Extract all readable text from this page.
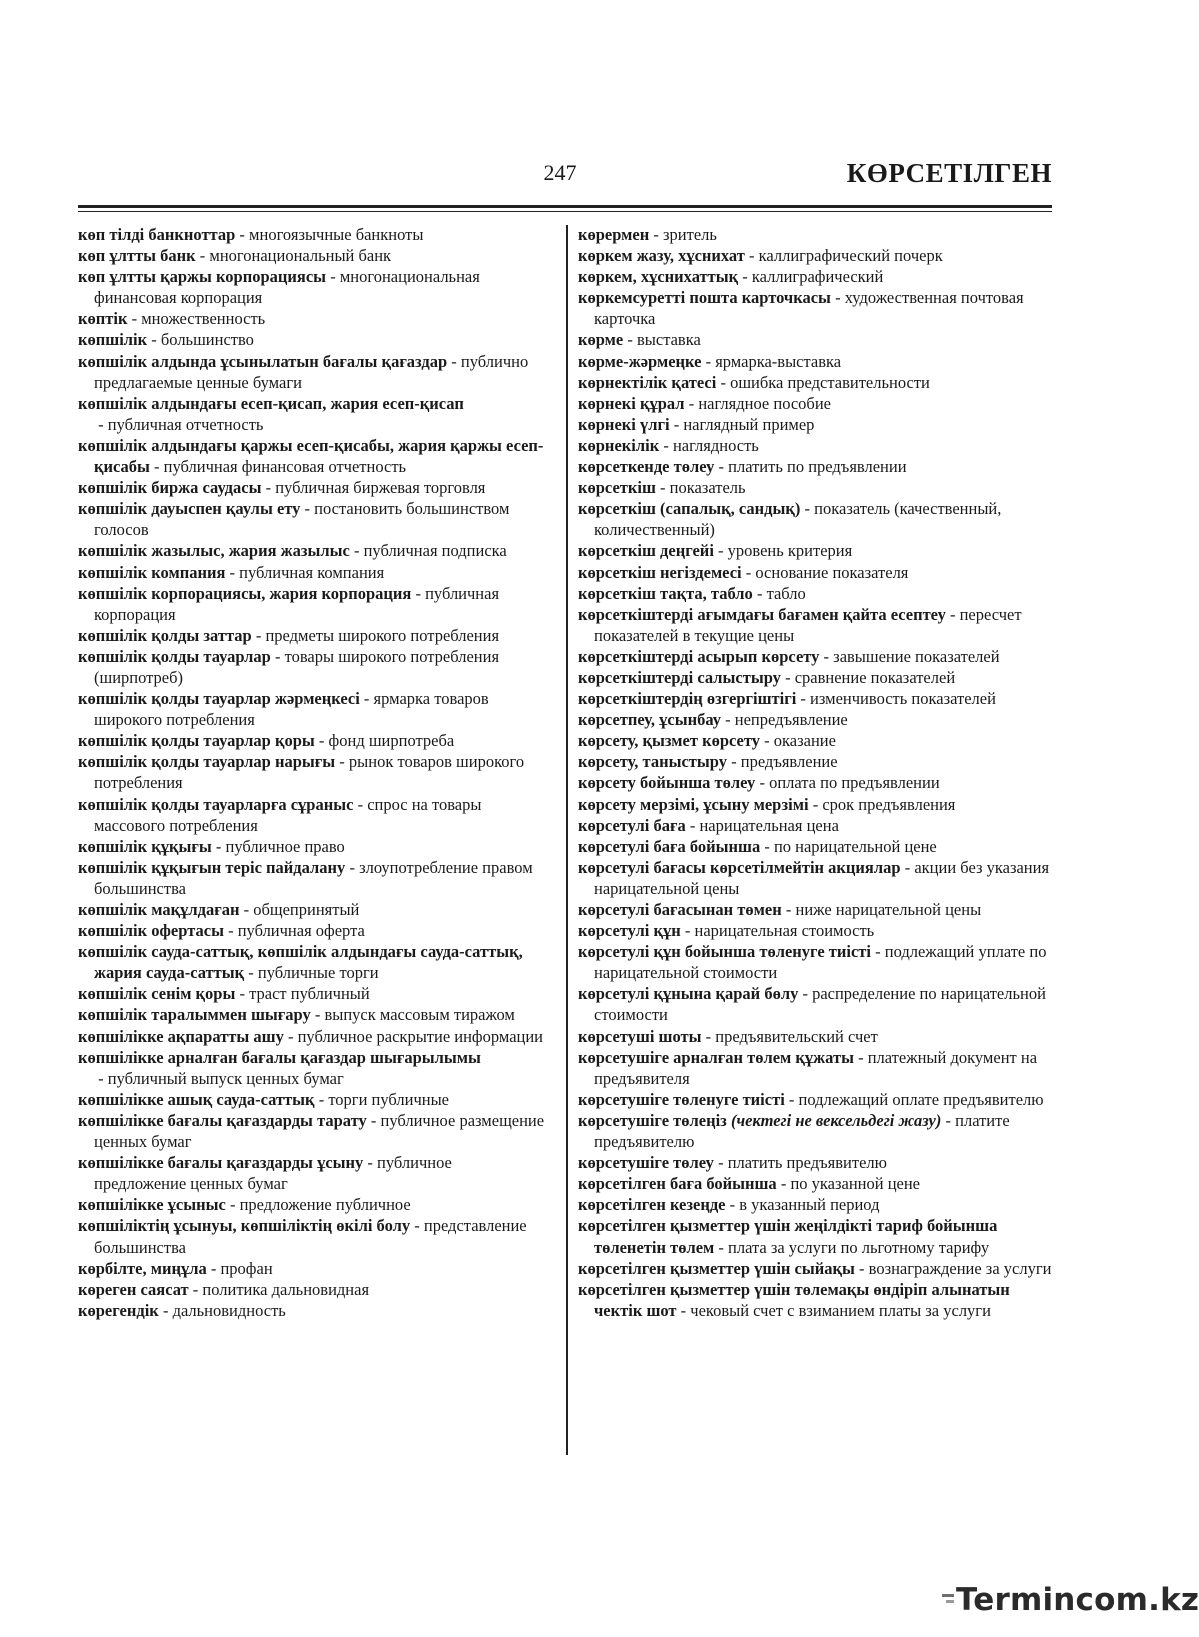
247	КӨРСЕТІЛГЕН

көп тілді банкноттар - многоязычные банкноты

көп ұлтты банк - многонациональный банк

көп ұлтты қаржы корпорациясы - многонациональная финансовая корпорация

көптік - множественность

көпшілік - большинство

көпшілік алдында ұсынылатын бағалы қағаздар - публично предлагаемые ценные бумаги

көпшілік алдындағы есеп-қисап, жария есеп-қисап - публичная отчетность

көпшілік алдындағы қаржы есеп-қисабы, жария қаржы есеп-қисабы - публичная финансовая отчетность

көпшілік биржа саудасы - публичная биржевая торговля

көпшілік дауыспен қаулы ету - постановить большинством голосов

көпшілік жазылыс, жария жазылыс - публичная подписка

көпшілік компания - публичная компания

көпшілік корпорациясы, жария корпорация - публичная корпорация

көпшілік қолды заттар - предметы широкого потребления

көпшілік қолды тауарлар - товары широкого потребления (ширпотреб)

көпшілік қолды тауарлар жәрмеңкесі - ярмарка товаров широкого потребления

көпшілік қолды тауарлар қоры - фонд ширпотреба

көпшілік қолды тауарлар нарығы - рынок товаров широкого потребления

көпшілік қолды тауарларға сұраныс - спрос на товары массового потребления

көпшілік құқығы - публичное право

көпшілік құқығын теріс пайдалану - злоупотребление правом большинства

көпшілік мақұлдаған - общепринятый

көпшілік офертасы - публичная оферта

көпшілік сауда-саттық, көпшілік алдындағы сауда-саттық, жария сауда-саттық - публичные торги

көпшілік сенім қоры - траст публичный

көпшілік таралыммен шығару - выпуск массовым тиражом

көпшілікке ақпаратты ашу - публичное раскрытие информации

көпшілікке арналған бағалы қағаздар шығарылымы - публичный выпуск ценных бумаг

көпшілікке ашық сауда-саттық - торги публичные

көпшілікке бағалы қағаздарды тарату - публичное размещение ценных бумаг

көпшілікке бағалы қағаздарды ұсыну - публичное предложение ценных бумаг

көпшілікке ұсыныс - предложение публичное

көпшіліктің ұсынуы, көпшіліктің өкілі болу - представление большинства

көрбілте, миңұла - профан

көреген саясат - политика дальновидная

көрегендік - дальновидность

көрермен - зритель

көркем жазу, хұснихат - каллиграфический почерк

көркем, хұснихаттық - каллиграфический

көркемсуретті пошта карточкасы - художественная почтовая карточка

көрме - выставка

көрме-жәрмеңке - ярмарка-выставка

көрнектілік қатесі - ошибка представительности

көрнекі құрал - наглядное пособие

көрнекі үлгі - наглядный пример

көрнекілік - наглядность

көрсеткенде төлеу - платить по предъявлении

көрсеткіш - показатель

көрсеткіш (сапалық, сандық) - показатель (качественный, количественный)

көрсеткіш деңгейі - уровень критерия

көрсеткіш негіздемесі - основание показателя

көрсеткіш тақта, табло - табло

көрсеткіштерді ағымдағы бағамен қайта есептеу - пересчет показателей в текущие цены

көрсеткіштерді асырып көрсету - завышение показателей

көрсеткіштерді салыстыру - сравнение показателей

көрсеткіштердің өзгергіштігі - изменчивость показателей

көрсетпеу, ұсынбау - непредъявление

көрсету, қызмет көрсету - оказание

көрсету, таныстыру - предъявление

көрсету бойынша төлеу - оплата по предъявлении

көрсету мерзімі, ұсыну мерзімі - срок предъявления

көрсетулі баға - нарицательная цена

көрсетулі баға бойынша - по нарицательной цене

көрсетулі бағасы көрсетілмейтін акциялар - акции без указания нарицательной цены

көрсетулі бағасынан төмен - ниже нарицательной цены

көрсетулі құн - нарицательная стоимость

көрсетулі құн бойынша төленуге тиісті - подлежащий уплате по нарицательной стоимости

көрсетулі құнына қарай бөлу - распределение по нарицательной стоимости

көрсетуші шоты - предъявительский счет

көрсетушіге арналған төлем құжаты - платежный документ на предъявителя

көрсетушіге төленуге тиісті - подлежащий оплате предъявителю

көрсетушіге төлеңіз (чектегі не вексельдегі жазу) - платите предъявителю

көрсетушіге төлеу - платить предъявителю

көрсетілген баға бойынша - по указанной цене

көрсетілген кезеңде - в указанный период

көрсетілген қызметтер үшін жеңілдікті тариф бойынша төленетін төлем - плата за услуги по льготному тарифу

көрсетілген қызметтер үшін сыйақы - вознаграждение за услуги

көрсетілген қызметтер үшін төлемақы өндіріп алынатын чектік шот - чековый счет с взиманием платы за услуги

Termincom.kz
